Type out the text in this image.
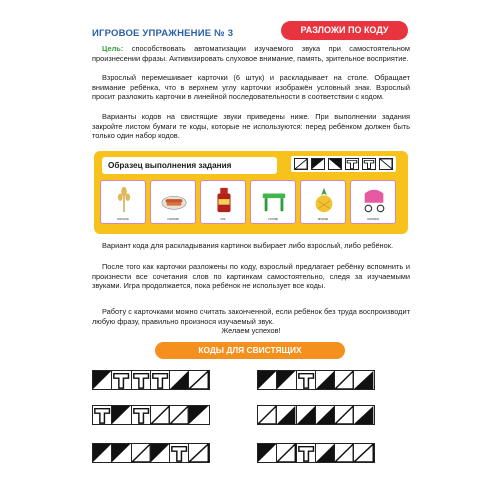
ИГРОВОЕ УПРАЖНЕНИЕ № 3	РАЗЛОЖИ ПО КОДУ
Цель: способствовать автоматизации изучаемого звука при самостоятельном произнесении фразы. Активизировать слуховое внимание, память, зрительное восприятие.
Взрослый перемешивает карточки (6 штук) и раскладывает на столе. Обращает внимание ребёнка, что в верхнем углу карточки изображён условный знак. Взрослый просит разложить карточки в линейной последовательности в соответствии с кодом.
Варианты кодов на свистящие звуки приведены ниже. При выполнении задания закройте листом бумаги те коды, которые не используются: перед ребёнком должен быть только один набор кодов.
Образец выполнения задания
колосок	сосиски	сок	столик	ананас	коляска
Вариант кода для раскладывания картинок выбирает либо взрослый, либо ребёнок.
После того как карточки разложены по коду, взрослый предлагает ребёнку вспомнить и произнести все сочетания слов по картинкам самостоятельно, следя за изучаемыми звуками. Игра продолжается, пока ребёнок не использует все коды.
Работу с карточками можно считать законченной, если ребёнок без труда воспроизводит любую фразу, правильно произнося изучаемый звук.
Желаем успехов!
КОДЫ ДЛЯ СВИСТЯЩИХ
